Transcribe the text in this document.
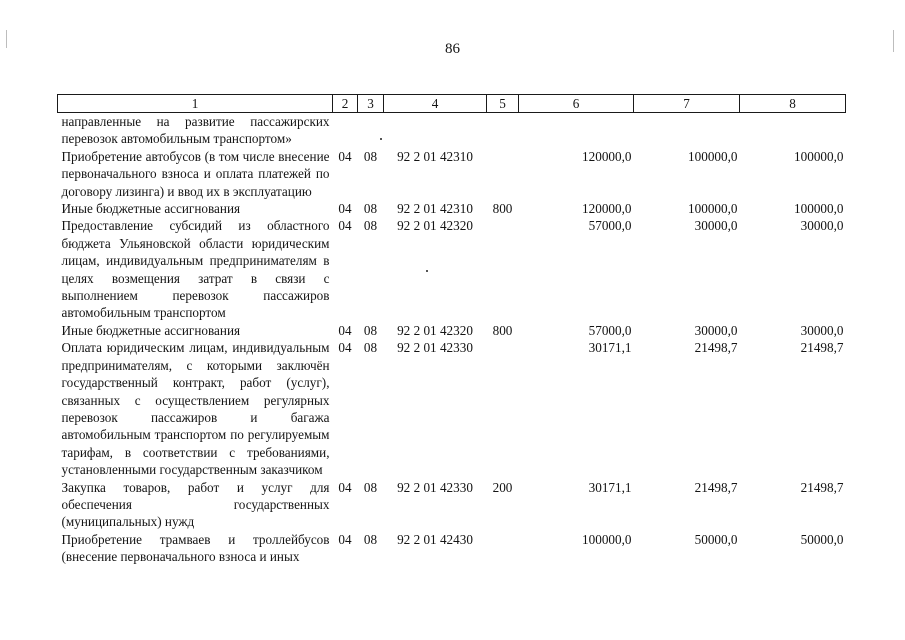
86
1	2	3	4	5	6	7	8
направленные на развитие пассажирских перевозок автомобильным транспортом»							
Приобретение автобусов (в том числе внесение первоначального взноса и оплата платежей по договору лизинга) и ввод их в эксплуатацию	04	08	92 2 01 42310		120000,0	100000,0	100000,0
Иные бюджетные ассигнования	04	08	92 2 01 42310	800	120000,0	100000,0	100000,0
Предоставление субсидий из областного бюджета Ульяновской области юридическим лицам, индивидуальным предпринимателям в целях возмещения затрат в связи с выполнением перевозок пассажиров автомобильным транспортом	04	08	92 2 01 42320		57000,0	30000,0	30000,0
Иные бюджетные ассигнования	04	08	92 2 01 42320	800	57000,0	30000,0	30000,0
Оплата юридическим лицам, индивидуальным предпринимателям, с которыми заключён государственный контракт, работ (услуг), связанных с осуществлением регулярных перевозок пассажиров и багажа автомобильным транспортом по регулируемым тарифам, в соответствии с требованиями, установленными государственным заказчиком	04	08	92 2 01 42330		30171,1	21498,7	21498,7
Закупка товаров, работ и услуг для обеспечения государственных (муниципальных) нужд	04	08	92 2 01 42330	200	30171,1	21498,7	21498,7
Приобретение трамваев и троллейбусов (внесение первоначального взноса и иных	04	08	92 2 01 42430		100000,0	50000,0	50000,0
